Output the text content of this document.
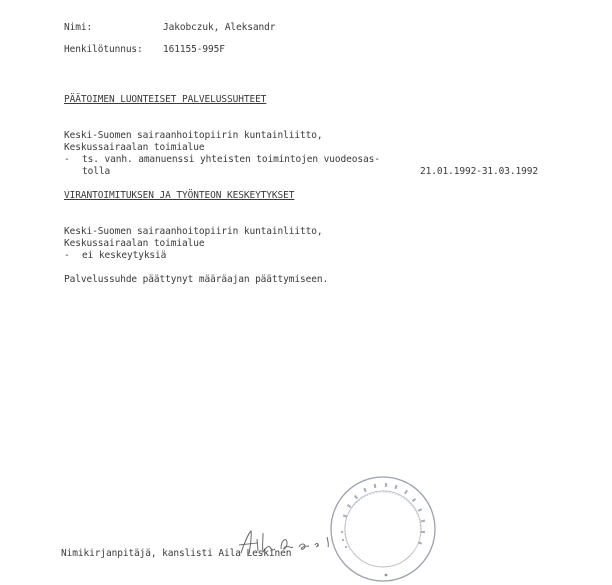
Nimi:	Jakobczuk, Aleksandr
Henkilötunnus: 161155-995F
PÄÄTOIMEN LUONTEISET PALVELUSSUHTEET
Keski-Suomen sairaanhoitopiirin kuntainliitto,
Keskussairaalan toimialue
- ts. vanh. amanuenssi yhteisten toimintojen vuodeosas-
tolla	21.01.1992-31.03.1992
VIRANTOIMITUKSEN JA TYÖNTEON KESKEYTYKSET
Keski-Suomen sairaanhoitopiirin kuntainliitto,
Keskussairaalan toimialue
- ei keskeytyksiä
Palvelussuhde päättynyt määräajan päättymiseen.
Nimikirjanpitäjä, kanslisti Aila Leskinen
